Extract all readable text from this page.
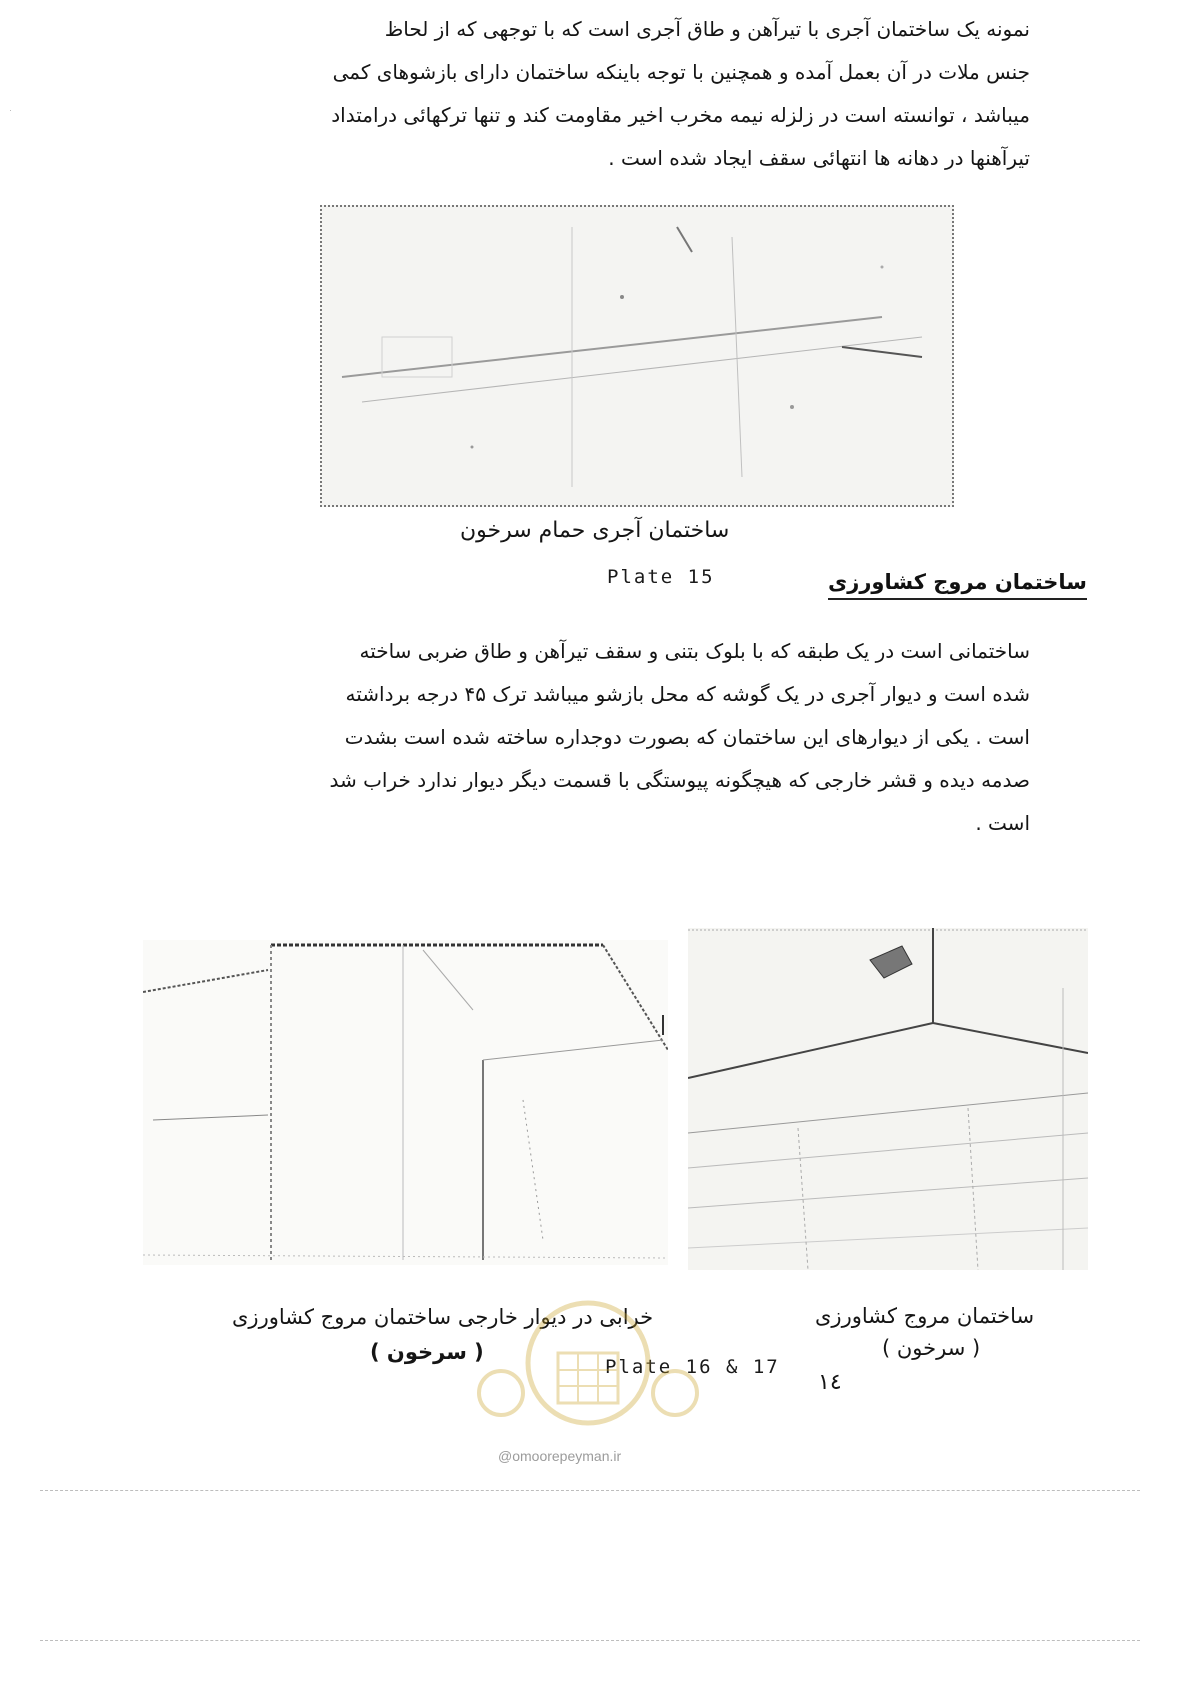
نمونه یک ساختمان آجری با تیرآهن و طاق آجری است که با توجهی که از لحاظ
جنس ملات در آن بعمل آمده و همچنین با توجه باینکه ساختمان دارای بازشوهای کمی
میباشد ، توانسته است در زلزله نیمه مخرب اخیر مقاومت کند و تنها ترکهائی درامتداد
تیرآهنها در دهانه ها انتهائی سقف ایجاد شده است .
ساختمان آجری حمام سرخون
Plate 15	ساختمان مروج کشاورزی
ساختمانی است در یک طبقه که با بلوک بتنی و سقف تیرآهن و طاق ضربی ساخته
شده است و دیوار آجری در یک گوشه که محل بازشو میباشد ترک ۴۵ درجه برداشته
است . یکی از دیوارهای این ساختمان که بصورت دوجداره ساخته شده است بشدت
صدمه دیده و قشر خارجی که هیچگونه پیوستگی با قسمت دیگر دیوار ندارد خراب شد
است .
خرابی در دیوار خارجی ساختمان مروج کشاورزی
( سرخون )
ساختمان مروج کشاورزی
( سرخون )
Plate 16 & 17
۱٤
@omoorepeyman.ir
